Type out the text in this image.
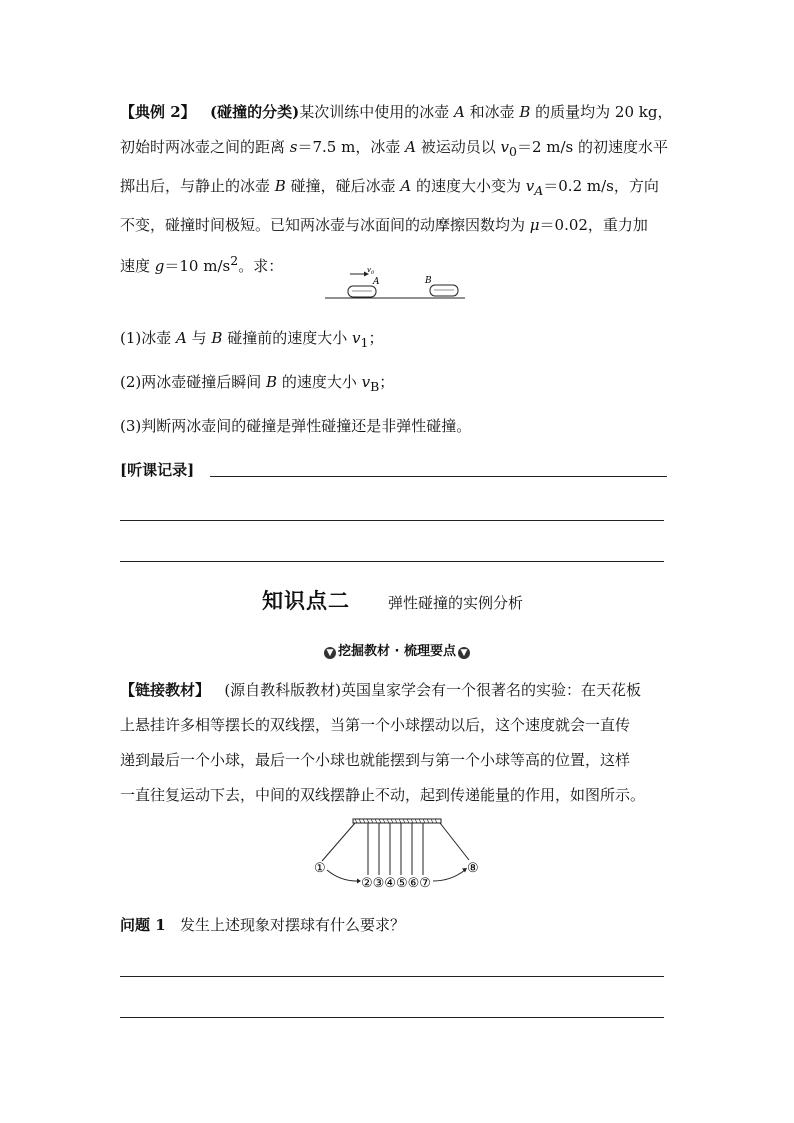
【典例 2】 (碰撞的分类)某次训练中使用的冰壶 A 和冰壶 B 的质量均为 20 kg，
初始时两冰壶之间的距离 s＝7.5 m，冰壶 A 被运动员以 $v_0=2$ m/s 的初速度水平
掷出后，与静止的冰壶 B 碰撞，碰后冰壶 A 的速度大小变为 $v_A=0.2$ m/s，方向
不变，碰撞时间极短。已知两冰壶与冰面间的动摩擦因数均为 μ＝0.02，重力加
速度 g＝10 $m/s^2$。求：	$v_0$
A	B

(1)冰壶 A 与 B 碰撞前的速度大小 $v_1$；

(2)两冰壶碰撞后瞬间 B 的速度大小 $v_B$；

(3)判断两冰壶间的碰撞是弹性碰撞还是非弹性碰撞。

[听课记录]

知识点二	弹性碰撞的实例分析
▼ 挖掘教材 · 梳理要点 ▼

【链接教材】 (源自教科版教材)英国皇家学会有一个很著名的实验：在天花板
上悬挂许多相等摆长的双线摆，当第一个小球摆动以后，这个速度就会一直传
递到最后一个小球，最后一个小球也就能摆到与第一个小球等高的位置，这样
一直往复运动下去，中间的双线摆静止不动，起到传递能量的作用，如图所示。

①
②③④⑤⑥⑦
⑧

问题 1 发生上述现象对摆球有什么要求？
